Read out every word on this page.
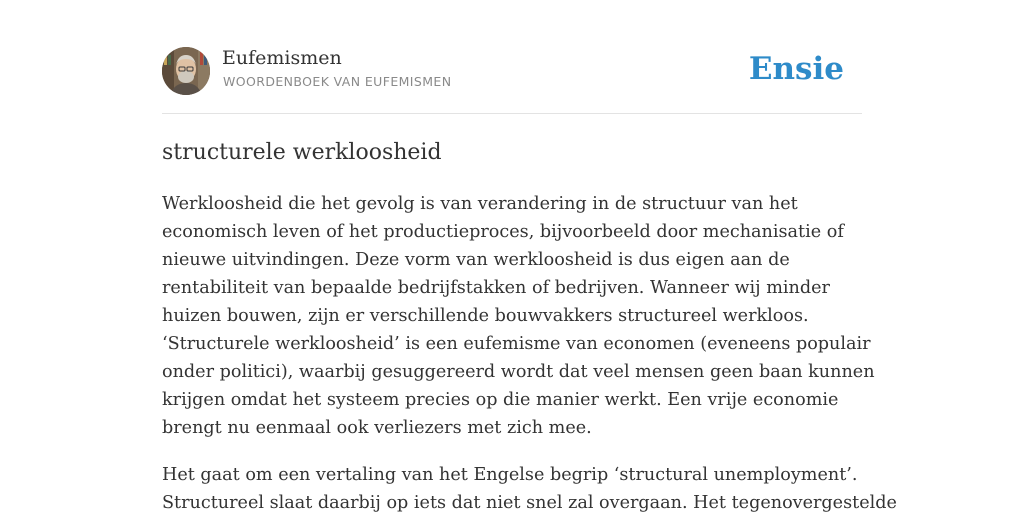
Eufemismen
WOORDENBOEK VAN EUFEMISMEN	Ensie
structurele werkloosheid
Werkloosheid die het gevolg is van verandering in de structuur van het
economisch leven of het productieproces, bijvoorbeeld door mechanisatie of
nieuwe uitvindingen. Deze vorm van werkloosheid is dus eigen aan de
rentabiliteit van bepaalde bedrijfstakken of bedrijven. Wanneer wij minder
huizen bouwen, zijn er verschillende bouwvakkers structureel werkloos.
‘Structurele werkloosheid’ is een eufemisme van economen (eveneens populair
onder politici), waarbij gesuggereerd wordt dat veel mensen geen baan kunnen
krijgen omdat het systeem precies op die manier werkt. Een vrije economie
brengt nu eenmaal ook verliezers met zich mee.
Het gaat om een vertaling van het Engelse begrip ‘structural unemployment’.
Structureel slaat daarbij op iets dat niet snel zal overgaan. Het tegenovergestelde
